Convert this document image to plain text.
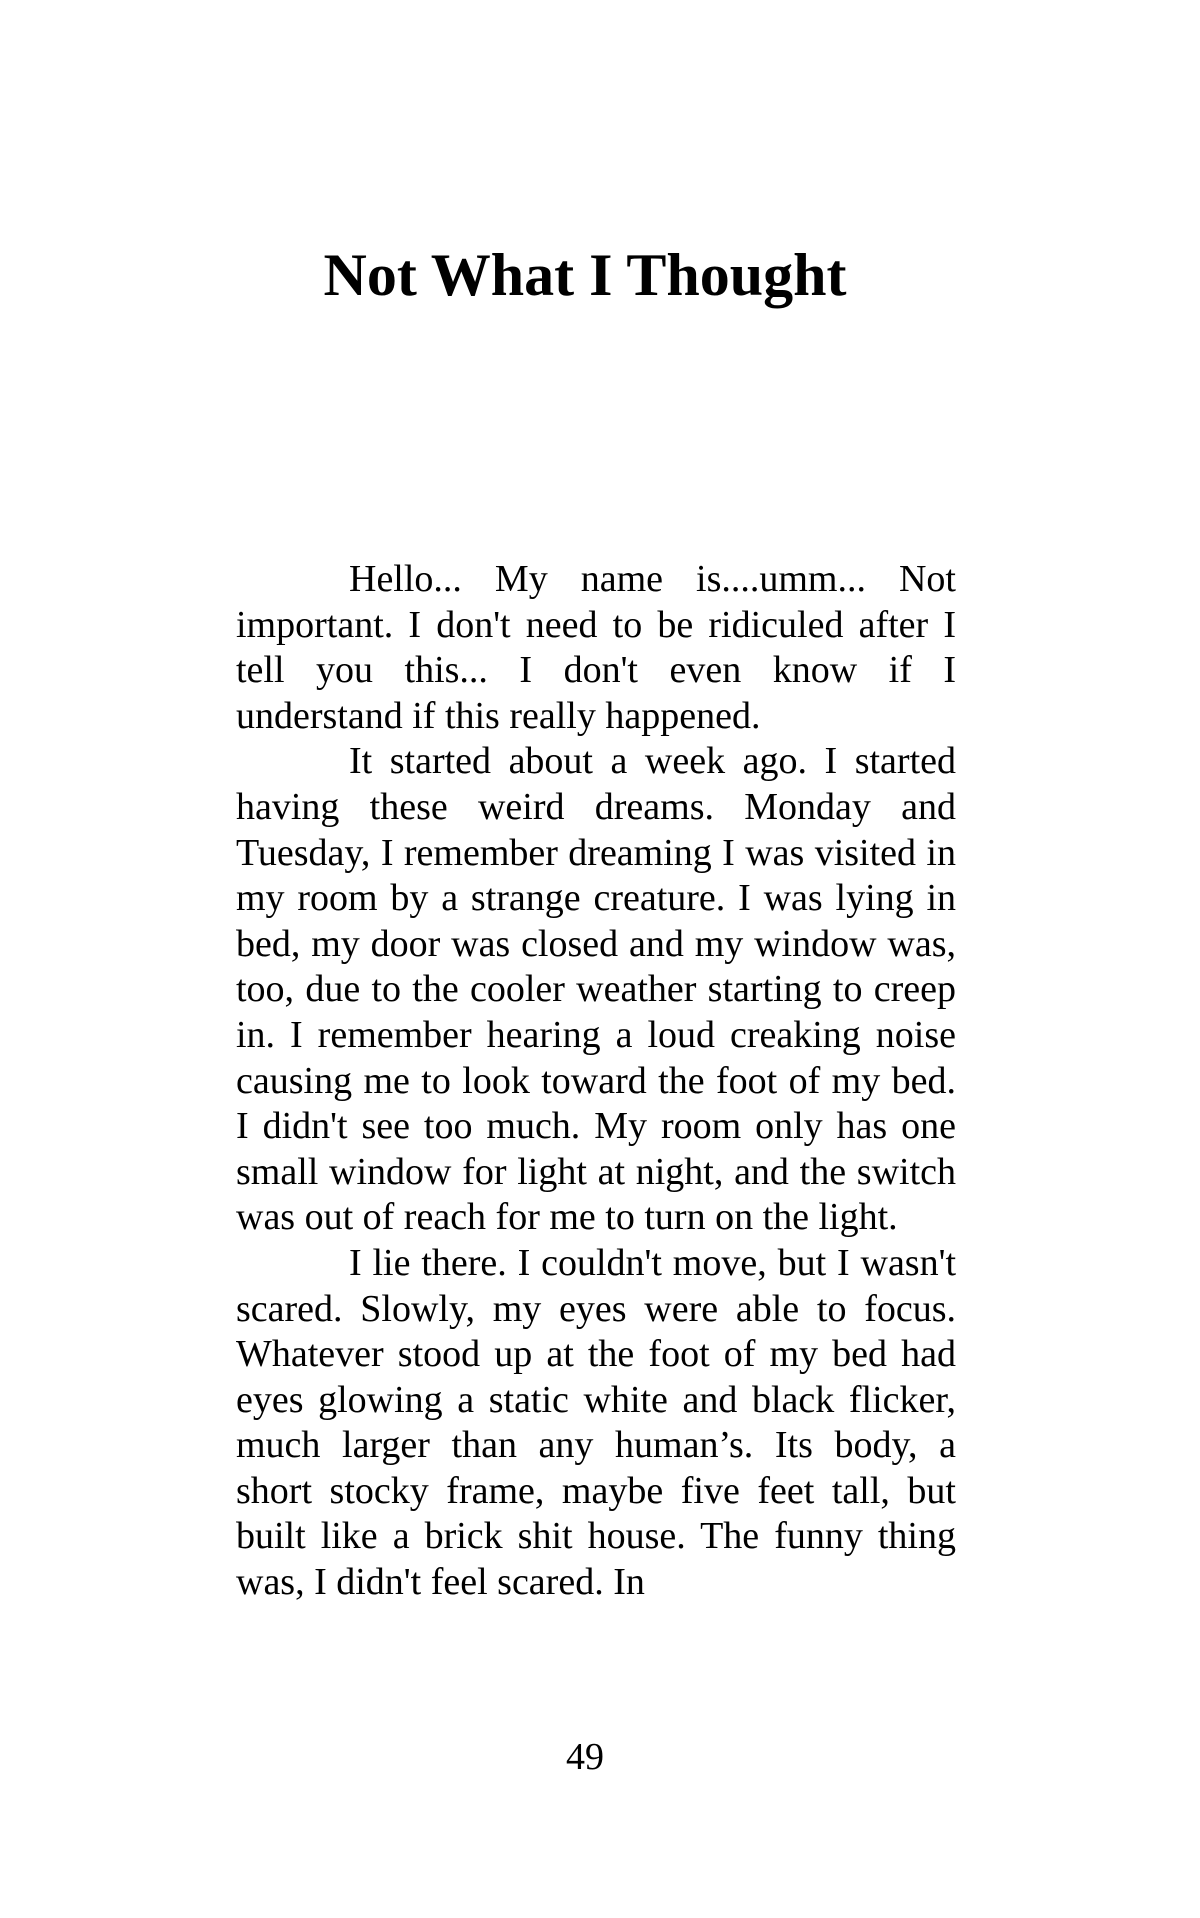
Not What I Thought

Hello... My name is....umm... Not important. I don't need to be ridiculed after I tell you this... I don't even know if I understand if this really happened.

It started about a week ago. I started having these weird dreams. Monday and Tuesday, I remember dreaming I was visited in my room by a strange creature. I was lying in bed, my door was closed and my window was, too, due to the cooler weather starting to creep in. I remember hearing a loud creaking noise causing me to look toward the foot of my bed. I didn't see too much. My room only has one small window for light at night, and the switch was out of reach for me to turn on the light.

I lie there. I couldn't move, but I wasn't scared. Slowly, my eyes were able to focus. Whatever stood up at the foot of my bed had eyes glowing a static white and black flicker, much larger than any human’s. Its body, a short stocky frame, maybe five feet tall, but built like a brick shit house. The funny thing was, I didn't feel scared. In

49
